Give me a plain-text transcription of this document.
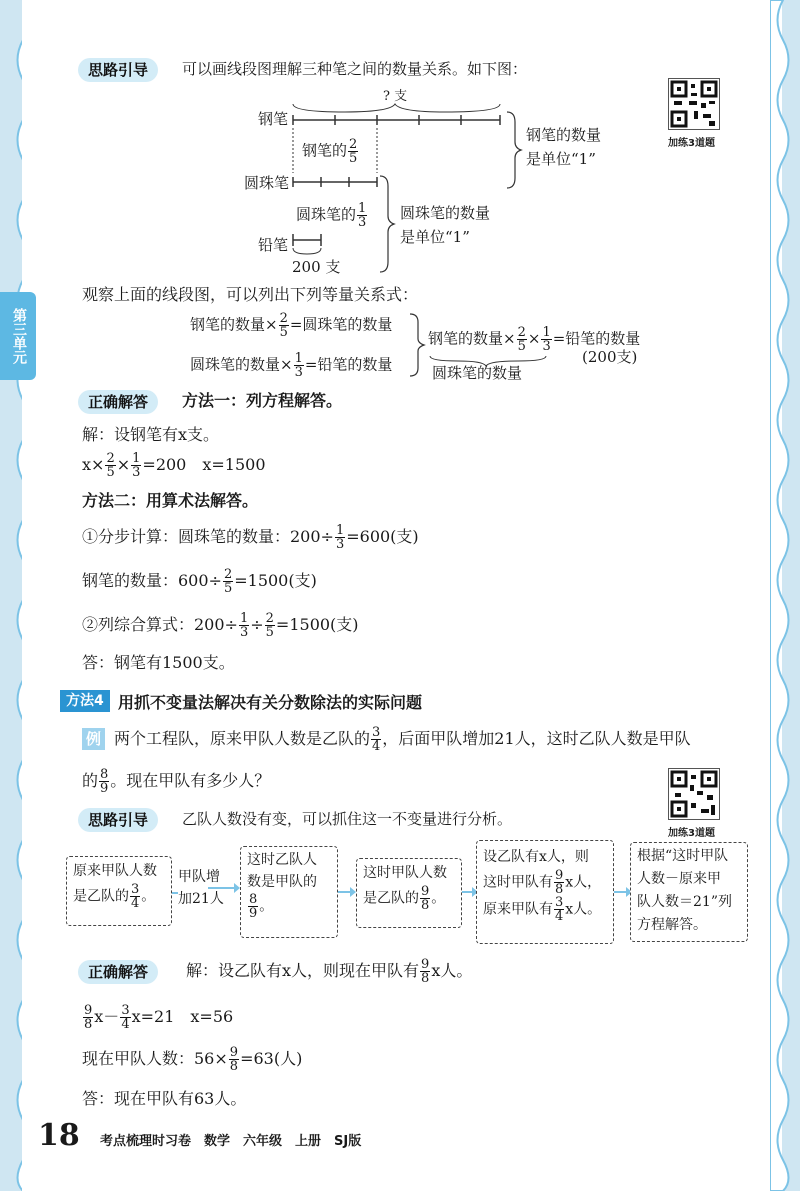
第三单元
思路引导	可以画线段图理解三种笔之间的数量关系。如下图：
加练3道题
钢笔
? 支
钢笔的 $\frac{2}{5}$
圆珠笔
圆珠笔的 $\frac{1}{3}$
铅笔
200 支
钢笔的数量
是单位“1”
圆珠笔的数量
是单位“1”
观察上面的线段图，可以列出下列等量关系式：
钢笔的数量× $\frac{2}{5}$ =圆珠笔的数量
圆珠笔的数量× $\frac{1}{3}$ =铅笔的数量
钢笔的数量× $\frac{2}{5} \times \frac{1}{3}$ =铅笔的数量
圆珠笔的数量
(200支)
正确解答	方法一：列方程解答。
解：设钢笔有x支。
$x\times \frac{2}{5} \times \frac{1}{3} =200$　x=1500
方法二：用算术法解答。
①分步计算：圆珠笔的数量：$200\div \frac{1}{3} =600$(支)
钢笔的数量：$600\div \frac{2}{5} =1500$(支)
②列综合算式：$200\div \frac{1}{3} \div \frac{2}{5} =1500$(支)
答：钢笔有1500支。
方法4 用抓不变量法解决有关分数除法的实际问题
例 两个工程队，原来甲队人数是乙队的 $\frac{3}{4}$ ，后面甲队增加21人，这时乙队人数是甲队
的 $\frac{8}{9}$ 。现在甲队有多少人？
加练3道题
思路引导	乙队人数没有变，可以抓住这一不变量进行分析。
原来甲队人数
是乙队的 $\frac{3}{4}$ 。
甲队增
加21人
这时乙队人
数是甲队的
$\frac{8}{9}$ 。
这时甲队人数
是乙队的 $\frac{9}{8}$ 。
设乙队有x人，则
这时甲队有 $\frac{9}{8}$ x人，
原来甲队有 $\frac{3}{4}$ x人。
根据“这时甲队
人数－原来甲
队人数＝21”列
方程解答。
正确解答	解：设乙队有x人，则现在甲队有 $\frac{9}{8}$ x人。
$\frac{9}{8} x- \frac{3}{4} x=21$　x=56
现在甲队人数：$56\times \frac{9}{8} =63$(人)
答：现在甲队有63人。
18 考点梳理时习卷　数学　六年级　上册　SJ版
